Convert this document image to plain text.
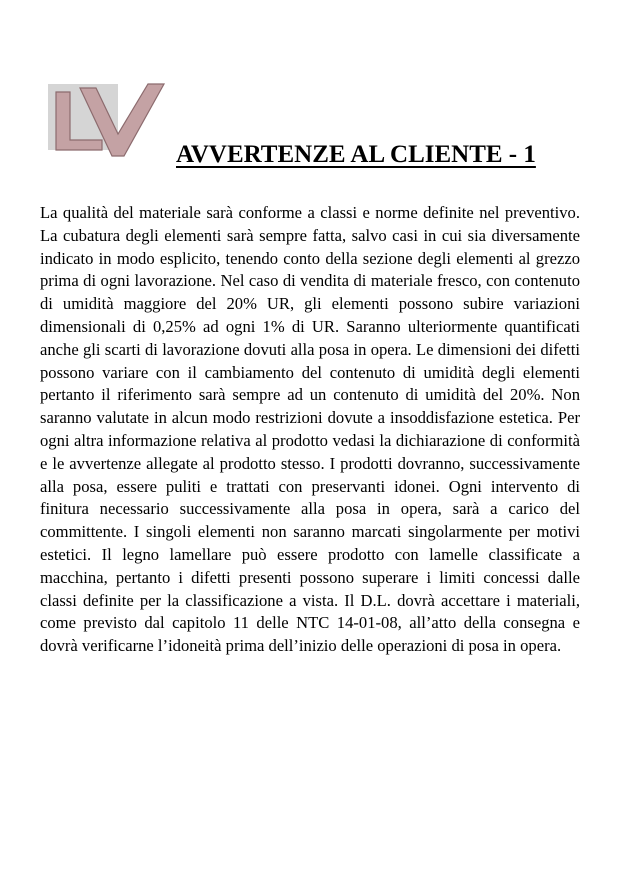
AVVERTENZE AL CLIENTE - 1

La qualità del materiale sarà conforme a classi e norme definite nel preventivo. La cubatura degli elementi sarà sempre fatta, salvo casi in cui sia diversamente indicato in modo esplicito, tenendo conto della sezione degli elementi al grezzo prima di ogni lavorazione. Nel caso di vendita di materiale fresco, con contenuto di umidità maggiore del 20% UR, gli elementi possono subire variazioni dimensionali di 0,25% ad ogni 1% di UR. Saranno ulteriormente quantificati anche gli scarti di lavorazione dovuti alla posa in opera. Le dimensioni dei difetti possono variare con il cambiamento del contenuto di umidità degli elementi pertanto il riferimento sarà sempre ad un contenuto di umidità del 20%. Non saranno valutate in alcun modo restrizioni dovute a insoddisfazione estetica. Per ogni altra informazione relativa al prodotto vedasi la dichiarazione di conformità e le avvertenze allegate al prodotto stesso. I prodotti dovranno, successivamente alla posa, essere puliti e trattati con preservanti idonei. Ogni intervento di finitura necessario successivamente alla posa in opera, sarà a carico del committente. I singoli elementi non saranno marcati singolarmente per motivi estetici. Il legno lamellare può essere prodotto con lamelle classificate a macchina, pertanto i difetti presenti possono superare i limiti concessi dalle classi definite per la classificazione a vista. Il D.L. dovrà accettare i materiali, come previsto dal capitolo 11 delle NTC 14-01-08, all’atto della consegna e dovrà verificarne l’idoneità prima dell’inizio delle operazioni di posa in opera.
